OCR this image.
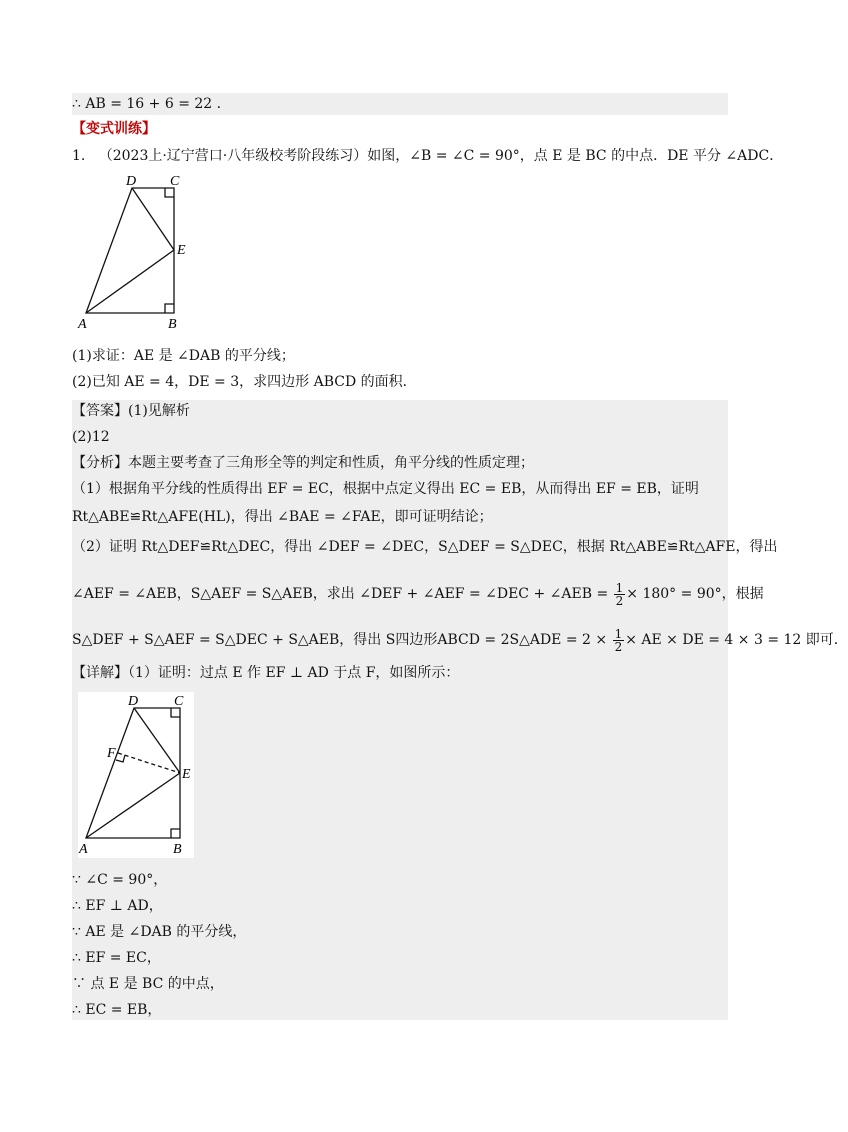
∴ AB = 16 + 6 = 22 .
【变式训练】
1. （2023上·辽宁营口·八年级校考阶段练习）如图，∠B = ∠C = 90°，点 E 是 BC 的中点．DE 平分 ∠ADC．
D C
E
A	B
(1)求证：AE 是 ∠DAB 的平分线；
(2)已知 AE = 4，DE = 3，求四边形 ABCD 的面积．
【答案】(1)见解析
(2)12
【分析】本题主要考查了三角形全等的判定和性质，角平分线的性质定理；
（1）根据角平分线的性质得出 EF = EC，根据中点定义得出 EC = EB，从而得出 EF = EB，证明
Rt△ABE≌Rt△AFE(HL)，得出 ∠BAE = ∠FAE，即可证明结论；
（2）证明 Rt△DEF≌Rt△DEC，得出 ∠DEF = ∠DEC，S△DEF = S△DEC，根据 Rt△ABE≌Rt△AFE，得出
∠AEF = ∠AEB，S△AEF = S△AEB，求出 ∠DEF + ∠AEF = ∠DEC + ∠AEB = $\frac{1}{2} \times 180^\circ = 90^\circ$，根据
S△DEF + S△AEF = S△DEC + S△AEB，得出 S四边形ABCD = 2S△ADE = $2 \times \frac{1}{2}$ × AE × DE = 4 × 3 = 12 即可．
【详解】（1）证明：过点 E 作 EF ⊥ AD 于点 F，如图所示：
D	C
F
E
A	B
∵ ∠C = 90°，
∴ EF ⊥ AD，
∵ AE 是 ∠DAB 的平分线，
∴ EF = EC，
∵ 点 E 是 BC 的中点，
∴ EC = EB，
